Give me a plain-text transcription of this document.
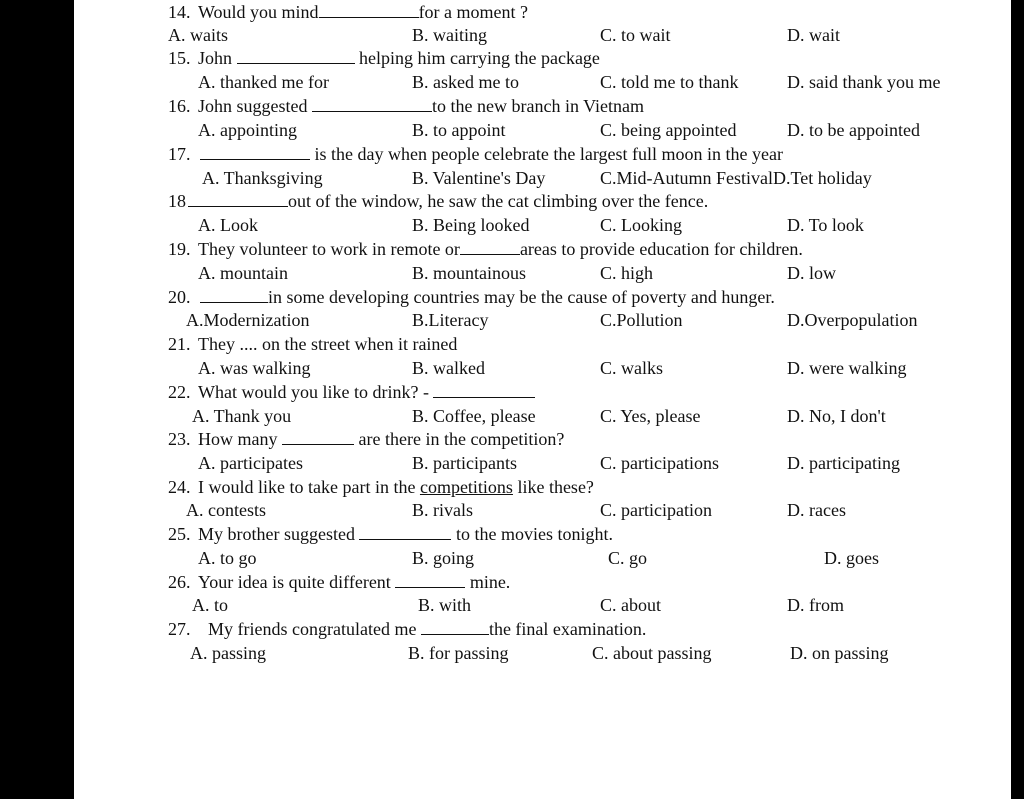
14. Would you mind	for a moment ?
A. waits	B. waiting	C. to wait	D. wait
15. John	helping him carrying the package
A. thanked me for	B. asked me to	C. told me to thank	D. said thank you me
16. John suggested	to the new branch in Vietnam
A. appointing	B. to appoint	C. being appointed	D. to be appointed
17.	is the day when people celebrate the largest full moon in the year
A. Thanksgiving	B. Valentine's Day	C.Mid-Autumn FestivalD.Tet holiday
18	out of the window, he saw the cat climbing over the fence.
A. Look	B. Being looked	C. Looking	D. To look
19. They volunteer to work in remote or	areas to provide education for children.
A. mountain	B. mountainous	C. high	D. low
20.	in some developing countries may be the cause of poverty and hunger.
A.Modernization	B.Literacy	C.Pollution	D.Overpopulation
21. They .... on the street when it rained
A. was walking	B. walked	C. walks	D. were walking
22. What would you like to drink? -
A. Thank you	B. Coffee, please	C. Yes, please	D. No, I don't
23. How many	are there in the competition?
A. participates	B. participants	C. participations	D. participating
24. I would like to take part in the competitions like these?
A. contests	B. rivals	C. participation	D. races
25. My brother suggested	to the movies tonight.
A. to go	B. going	C. go	D. goes
26. Your idea is quite different	mine.
A. to	B. with	C. about	D. from
27. My friends congratulated me	the final examination.
A. passing	B. for passing	C. about passing	D. on passing
